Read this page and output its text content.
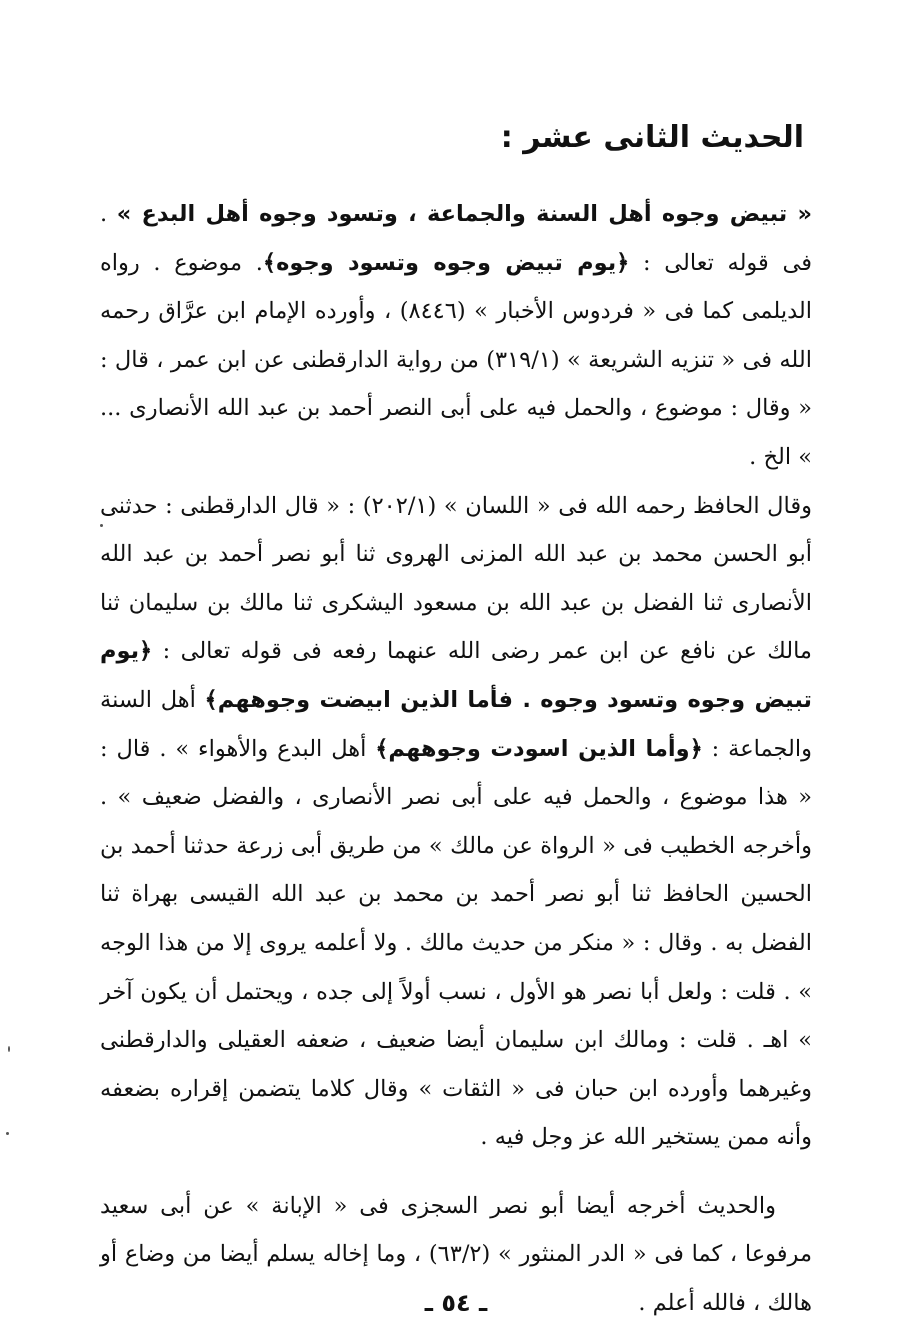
الحديث الثانى عشر :

« تبيض وجوه أهل السنة والجماعة ، وتسود وجوه أهل البدع » . فى قوله تعالى : ﴿يوم تبيض وجوه وتسود وجوه﴾. موضوع . رواه الديلمى كما فى « فردوس الأخبار » (٨٤٤٦) ، وأورده الإمام ابن عرَّاق رحمه الله فى « تنزيه الشريعة » (٣١٩/١) من رواية الدارقطنى عن ابن عمر ، قال : « وقال : موضوع ، والحمل فيه على أبى النصر أحمد بن عبد الله الأنصارى ... » الخ .

وقال الحافظ رحمه الله فى « اللسان » (٢٠٢/١) : « قال الدارقطنى : حدثنى أبو الحسن محمد بن عبد الله المزنى الهروى ثنا أبو نصر أحمد بن عبد الله الأنصارى ثنا الفضل بن عبد الله بن مسعود اليشكرى ثنا مالك بن سليمان ثنا مالك عن نافع عن ابن عمر رضى الله عنهما رفعه فى قوله تعالى : ﴿يوم تبيض وجوه وتسود وجوه . فأما الذين ابيضت وجوههم﴾ أهل السنة والجماعة : ﴿وأما الذين اسودت وجوههم﴾ أهل البدع والأهواء » . قال : « هذا موضوع ، والحمل فيه على أبى نصر الأنصارى ، والفضل ضعيف » . وأخرجه الخطيب فى « الرواة عن مالك » من طريق أبى زرعة حدثنا أحمد بن الحسين الحافظ ثنا أبو نصر أحمد بن محمد بن عبد الله القيسى بهراة ثنا الفضل به . وقال : « منكر من حديث مالك . ولا أعلمه يروى إلا من هذا الوجه » . قلت : ولعل أبا نصر هو الأول ، نسب أولاً إلى جده ، ويحتمل أن يكون آخر » اهـ . قلت : ومالك ابن سليمان أيضا ضعيف ، ضعفه العقيلى والدارقطنى وغيرهما وأورده ابن حبان فى « الثقات » وقال كلاما يتضمن إقراره بضعفه وأنه ممن يستخير الله عز وجل فيه .

والحديث أخرجه أيضا أبو نصر السجزى فى « الإبانة » عن أبى سعيد مرفوعا ، كما فى « الدر المنثور » (٦٣/٢) ، وما إخاله يسلم أيضا من وضاع أو هالك ، فالله أعلم .

ـ ٥٤ ـ
